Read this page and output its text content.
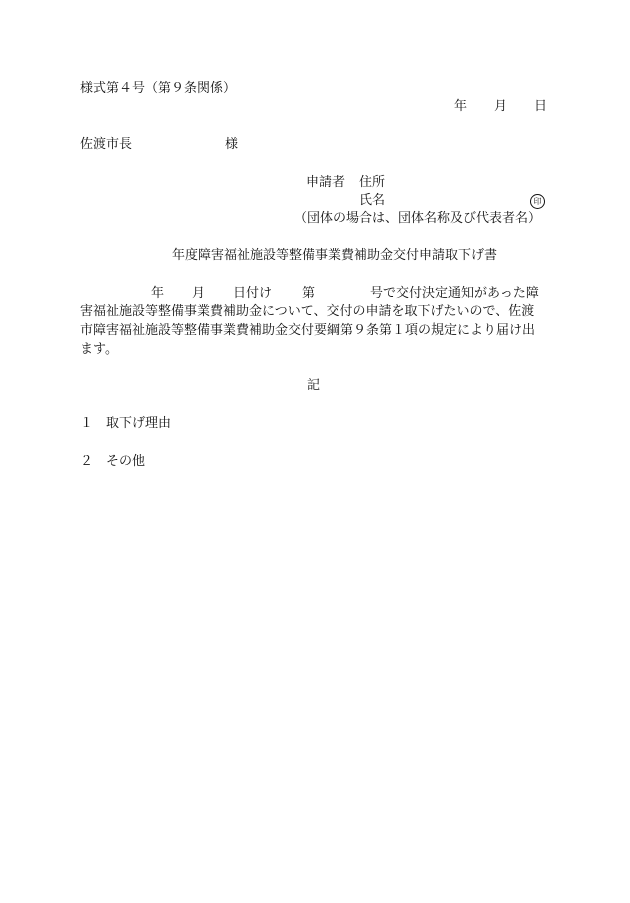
様式第４号（第９条関係）
年 月 日
佐渡市長	様
申請者 住所
氏名	印
（団体の場合は、団体名称及び代表者名）
年度障害福祉施設等整備事業費補助金交付申請取下げ書
年 月 日付け 第	号で交付決定通知があった障
害福祉施設等整備事業費補助金について、交付の申請を取下げたいので、佐渡
市障害福祉施設等整備事業費補助金交付要綱第９条第１項の規定により届け出
ます。
記
１ 取下げ理由
２ その他
